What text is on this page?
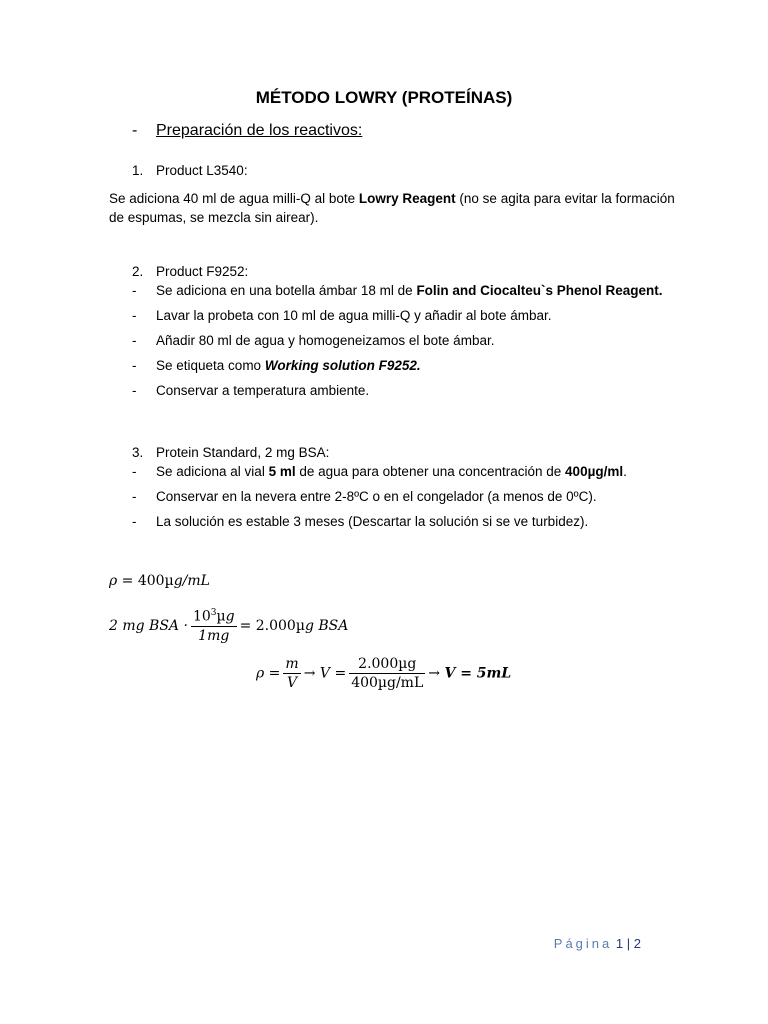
MÉTODO LOWRY (PROTEÍNAS)
- Preparación de los reactivos:
1. Product L3540:
Se adiciona 40 ml de agua milli-Q al bote Lowry Reagent (no se agita para evitar la formación de espumas, se mezcla sin airear).
2. Product F9252:
- Se adiciona en una botella ámbar 18 ml de Folin and Ciocalteu`s Phenol Reagent.
- Lavar la probeta con 10 ml de agua milli-Q y añadir al bote ámbar.
- Añadir 80 ml de agua y homogeneizamos el bote ámbar.
- Se etiqueta como Working solution F9252.
- Conservar a temperatura ambiente.
3. Protein Standard, 2 mg BSA:
- Se adiciona al vial 5 ml de agua para obtener una concentración de 400µg/ml.
- Conservar en la nevera entre 2-8ºC o en el congelador (a menos de 0ºC).
- La solución es estable 3 meses (Descartar la solución si se ve turbidez).
ρ = 400µg/mL
2 mg BSA · $\frac{10^3\mu g}{1mg} = 2.000\mu g$ BSA
$\rho = \frac{m}{V} \to V = \frac{\text{2.000µg}}{\text{400µg/mL}} \to V = 5mL$
Página 1 | 2
